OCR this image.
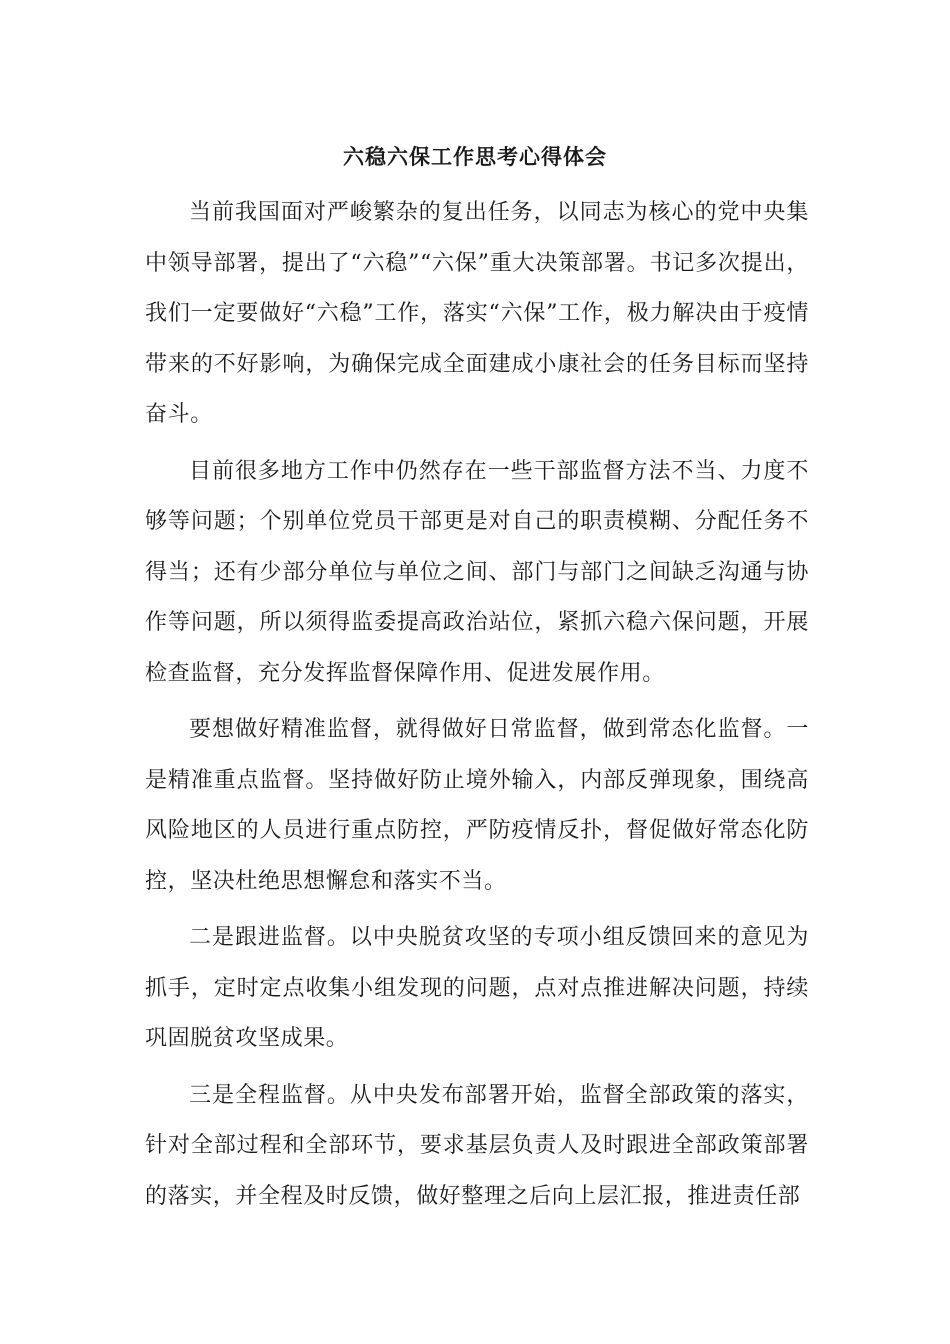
六稳六保工作思考心得体会

当前我国面对严峻繁杂的复出任务，以同志为核心的党中央集中领导部署，提出了“六稳”“六保”重大决策部署。书记多次提出，我们一定要做好“六稳”工作，落实“六保”工作，极力解决由于疫情带来的不好影响，为确保完成全面建成小康社会的任务目标而坚持奋斗。

目前很多地方工作中仍然存在一些干部监督方法不当、力度不够等问题；个别单位党员干部更是对自己的职责模糊、分配任务不得当；还有少部分单位与单位之间、部门与部门之间缺乏沟通与协作等问题，所以须得监委提高政治站位，紧抓六稳六保问题，开展检查监督，充分发挥监督保障作用、促进发展作用。

要想做好精准监督，就得做好日常监督，做到常态化监督。一是精准重点监督。坚持做好防止境外输入，内部反弹现象，围绕高风险地区的人员进行重点防控，严防疫情反扑，督促做好常态化防控，坚决杜绝思想懈怠和落实不当。

二是跟进监督。以中央脱贫攻坚的专项小组反馈回来的意见为抓手，定时定点收集小组发现的问题，点对点推进解决问题，持续巩固脱贫攻坚成果。

三是全程监督。从中央发布部署开始，监督全部政策的落实，针对全部过程和全部环节，要求基层负责人及时跟进全部政策部署的落实，并全程及时反馈，做好整理之后向上层汇报，推进责任部
